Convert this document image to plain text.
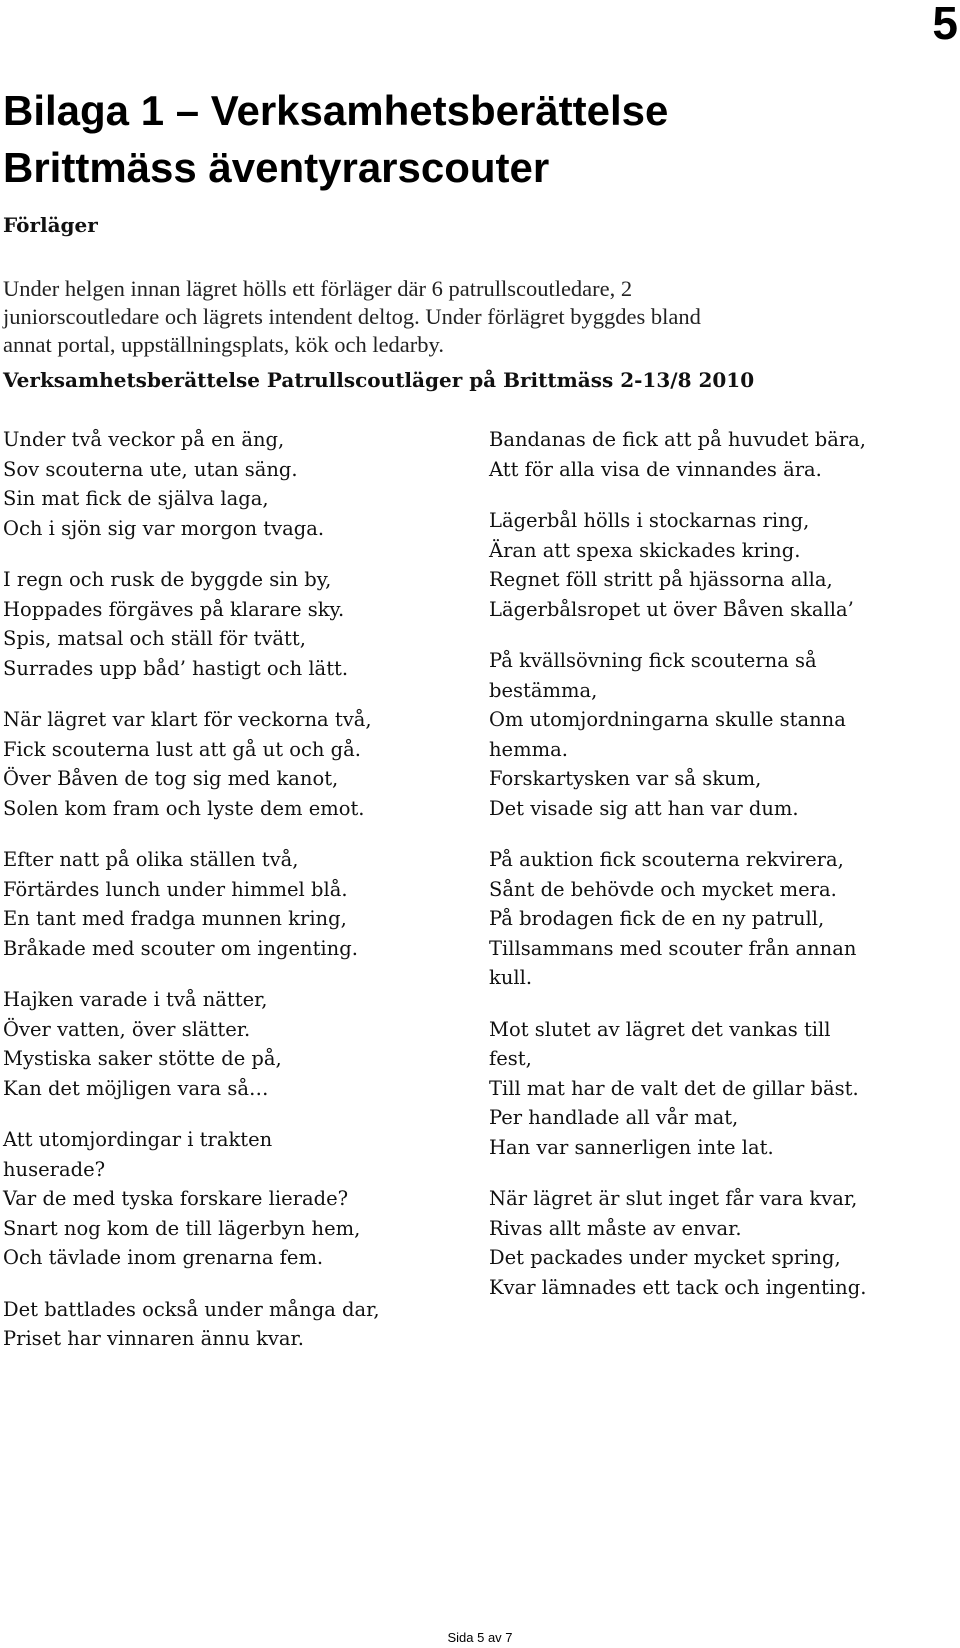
5
Bilaga 1 – Verksamhetsberättelse
Brittmäss äventyrarscouter
Förläger

Under helgen innan lägret hölls ett förläger där 6 patrullscoutledare, 2
juniorscoutledare och lägrets intendent deltog. Under förlägret byggdes bland
annat portal, uppställningsplats, kök och ledarby.

Verksamhetsberättelse Patrullscoutläger på Brittmäss 2-13/8 2010

Under två veckor på en äng,
Sov scouterna ute, utan säng.
Sin mat fick de själva laga,
Och i sjön sig var morgon tvaga.

I regn och rusk de byggde sin by,
Hoppades förgäves på klarare sky.
Spis, matsal och ställ för tvätt,
Surrades upp båd’ hastigt och lätt.

När lägret var klart för veckorna två,
Fick scouterna lust att gå ut och gå.
Över Båven de tog sig med kanot,
Solen kom fram och lyste dem emot.

Efter natt på olika ställen två,
Förtärdes lunch under himmel blå.
En tant med fradga munnen kring,
Bråkade med scouter om ingenting.

Hajken varade i två nätter,
Över vatten, över slätter.
Mystiska saker stötte de på,
Kan det möjligen vara så…

Att utomjordingar i trakten
huserade?
Var de med tyska forskare lierade?
Snart nog kom de till lägerbyn hem,
Och tävlade inom grenarna fem.

Det battlades också under många dar,
Priset har vinnaren ännu kvar.

Bandanas de fick att på huvudet bära,
Att för alla visa de vinnandes ära.

Lägerbål hölls i stockarnas ring,
Äran att spexa skickades kring.
Regnet föll stritt på hjässorna alla,
Lägerbålsropet ut över Båven skalla’

På kvällsövning fick scouterna så
bestämma,
Om utomjordningarna skulle stanna
hemma.
Forskartysken var så skum,
Det visade sig att han var dum.

På auktion fick scouterna rekvirera,
Sånt de behövde och mycket mera.
På brodagen fick de en ny patrull,
Tillsammans med scouter från annan
kull.

Mot slutet av lägret det vankas till
fest,
Till mat har de valt det de gillar bäst.
Per handlade all vår mat,
Han var sannerligen inte lat.

När lägret är slut inget får vara kvar,
Rivas allt måste av envar.
Det packades under mycket spring,
Kvar lämnades ett tack och ingenting.

Sida 5 av 7
